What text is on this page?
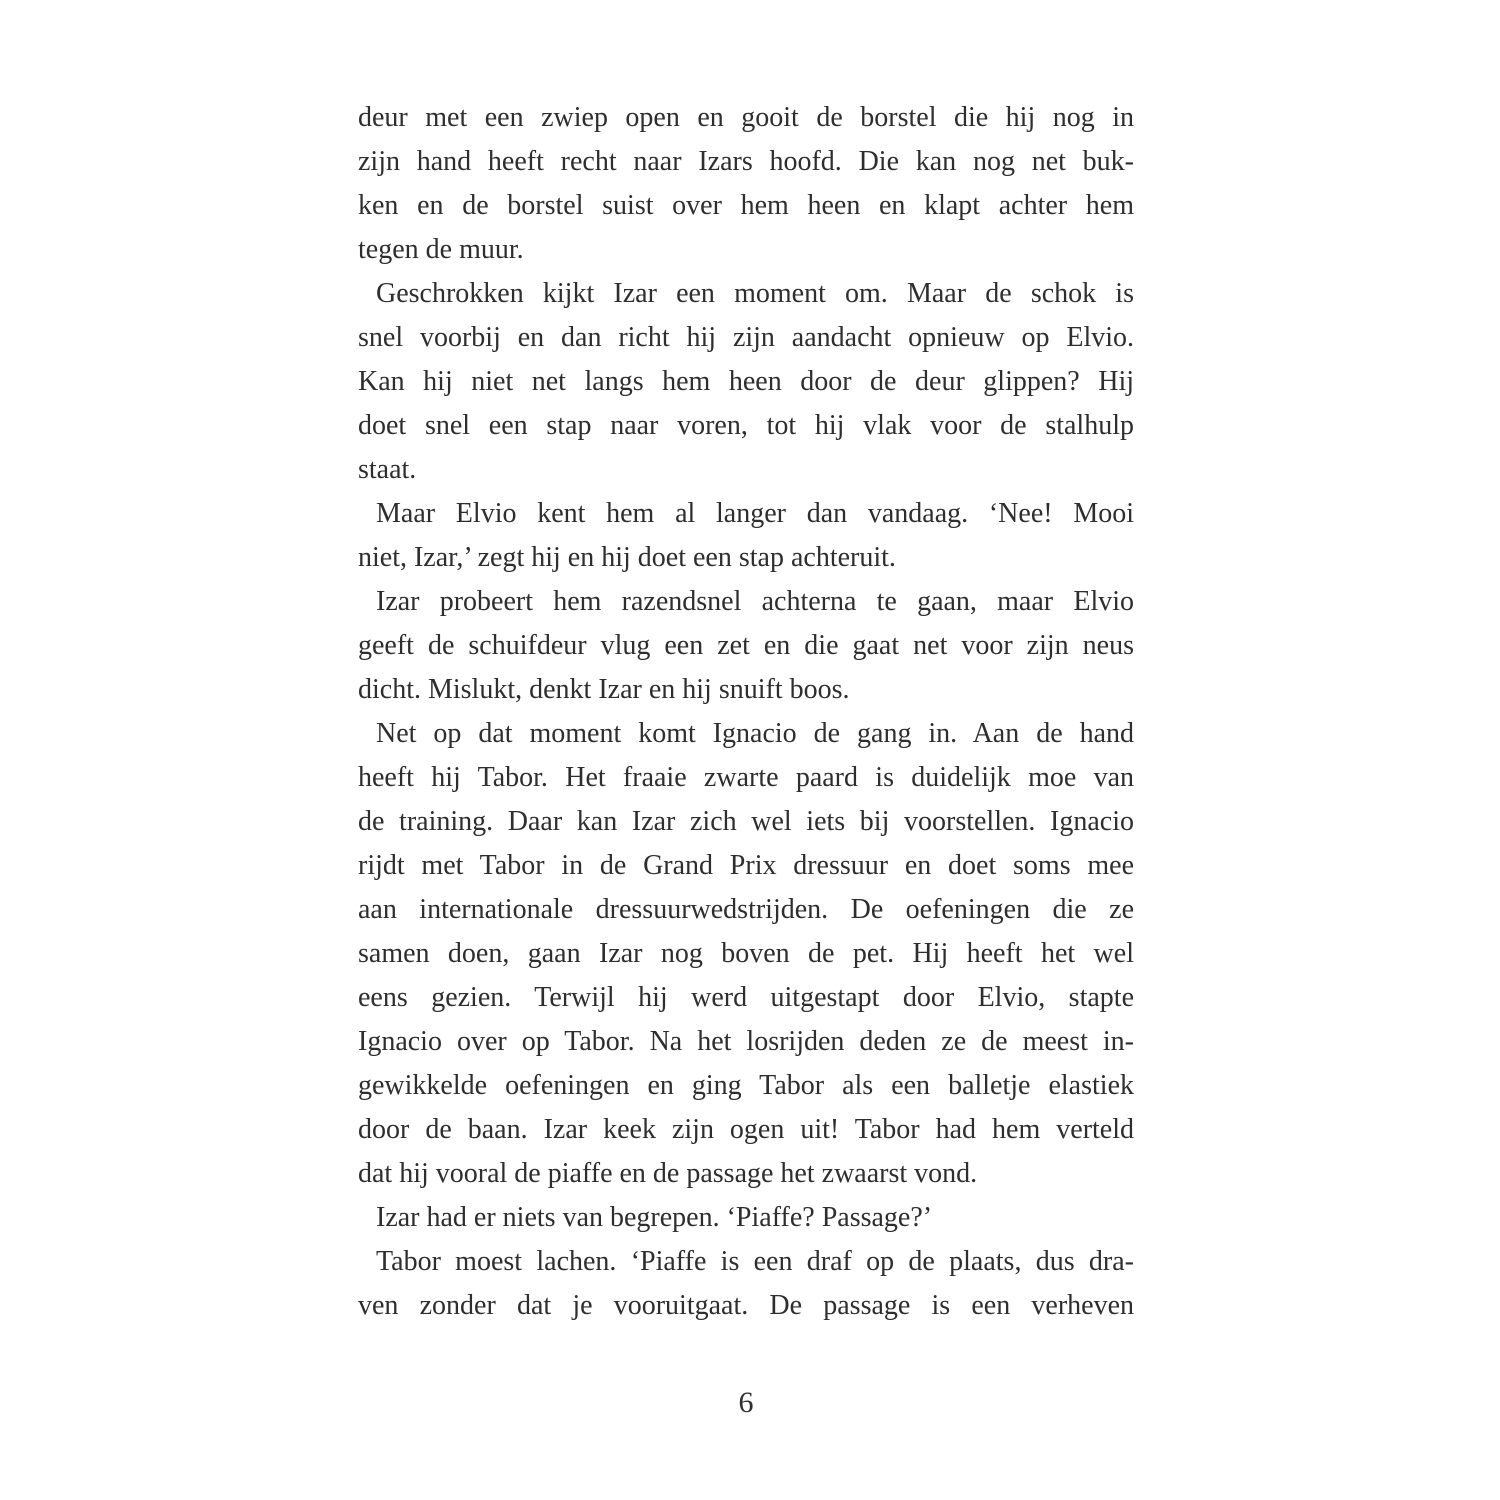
deur met een zwiep open en gooit de borstel die hij nog in
zijn hand heeft recht naar Izars hoofd. Die kan nog net buk-
ken en de borstel suist over hem heen en klapt achter hem
tegen de muur.
Geschrokken kijkt Izar een moment om. Maar de schok is
snel voorbij en dan richt hij zijn aandacht opnieuw op Elvio.
Kan hij niet net langs hem heen door de deur glippen? Hij
doet snel een stap naar voren, tot hij vlak voor de stalhulp
staat.
Maar Elvio kent hem al langer dan vandaag. ‘Nee! Mooi
niet, Izar,’ zegt hij en hij doet een stap achteruit.
Izar probeert hem razendsnel achterna te gaan, maar Elvio
geeft de schuifdeur vlug een zet en die gaat net voor zijn neus
dicht. Mislukt, denkt Izar en hij snuift boos.
Net op dat moment komt Ignacio de gang in. Aan de hand
heeft hij Tabor. Het fraaie zwarte paard is duidelijk moe van
de training. Daar kan Izar zich wel iets bij voorstellen. Ignacio
rijdt met Tabor in de Grand Prix dressuur en doet soms mee
aan internationale dressuurwedstrijden. De oefeningen die ze
samen doen, gaan Izar nog boven de pet. Hij heeft het wel
eens gezien. Terwijl hij werd uitgestapt door Elvio, stapte
Ignacio over op Tabor. Na het losrijden deden ze de meest in-
gewikkelde oefeningen en ging Tabor als een balletje elastiek
door de baan. Izar keek zijn ogen uit! Tabor had hem verteld
dat hij vooral de piaffe en de passage het zwaarst vond.
Izar had er niets van begrepen. ‘Piaffe? Passage?’
Tabor moest lachen. ‘Piaffe is een draf op de plaats, dus dra-
ven zonder dat je vooruitgaat. De passage is een verheven
6
